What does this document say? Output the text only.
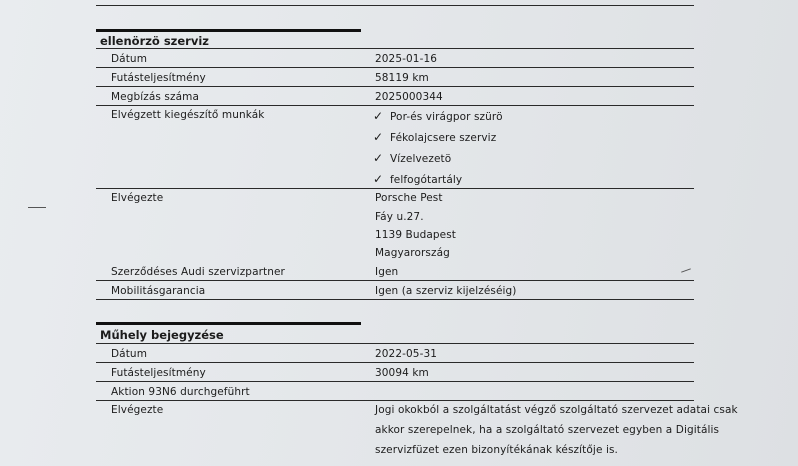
ellenörzö szerviz
Dátum	2025-01-16
Futásteljesítmény	58119 km
Megbízás száma	2025000344
Elvégzett kiegészítő munkák	✓ Por-és virágpor szürö
✓ Fékolajcsere szerviz
✓ Vízelvezetö
✓ felfogótartály
Elvégezte	Porsche Pest
Fáy u.27.
1139 Budapest
Magyarország
Szerződéses Audi szervizpartner	Igen
Mobilitásgarancia	Igen (a szerviz kijelzéséig)
Műhely bejegyzése
Dátum	2022-05-31
Futásteljesítmény	30094 km
Aktion 93N6 durchgeführt
Elvégezte	Jogi okokból a szolgáltatást végző szolgáltató szervezet adatai csak
akkor szerepelnek, ha a szolgáltató szervezet egyben a Digitális
szervizfüzet ezen bizonyítékának készítője is.
